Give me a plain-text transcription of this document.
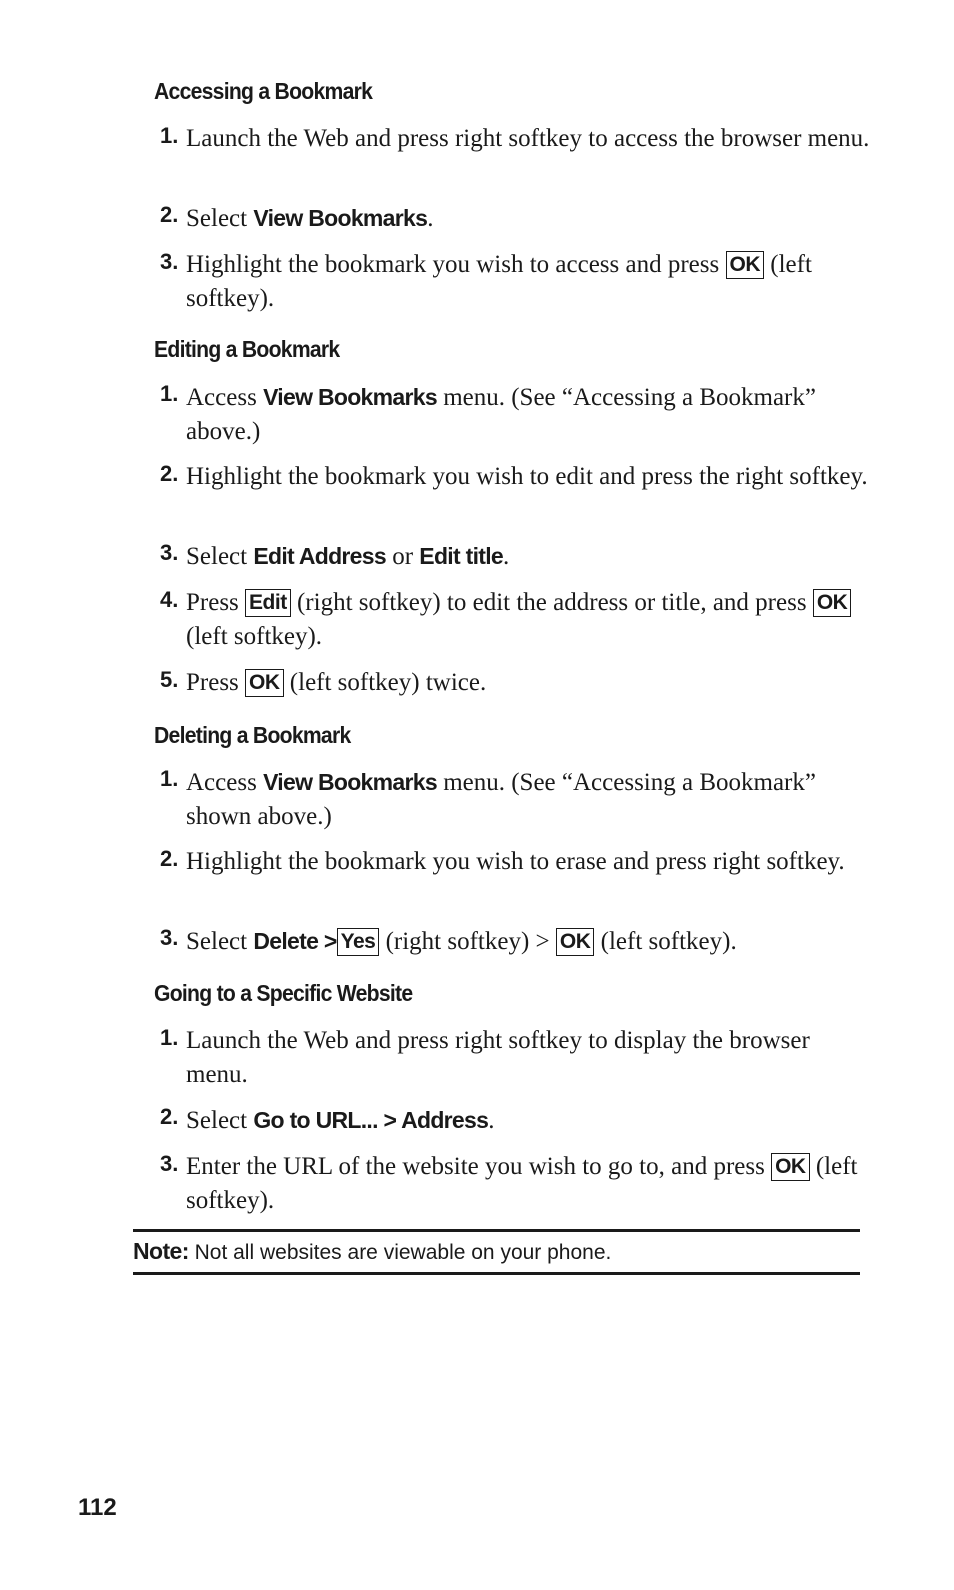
Accessing a Bookmark
1. Launch the Web and press right softkey to access the browser menu.
2. Select View Bookmarks.
3. Highlight the bookmark you wish to access and press OK (left softkey).
Editing a Bookmark
1. Access View Bookmarks menu. (See “Accessing a Bookmark” above.)
2. Highlight the bookmark you wish to edit and press the right softkey.
3. Select Edit Address or Edit title.
4. Press Edit (right softkey) to edit the address or title, and press OK (left softkey).
5. Press OK (left softkey) twice.
Deleting a Bookmark
1. Access View Bookmarks menu. (See “Accessing a Bookmark” shown above.)
2. Highlight the bookmark you wish to erase and press right softkey.
3. Select Delete > Yes (right softkey) > OK (left softkey).
Going to a Specific Website
1. Launch the Web and press right softkey to display the browser menu.
2. Select Go to URL... > Address.
3. Enter the URL of the website you wish to go to, and press OK (left softkey).
Note: Not all websites are viewable on your phone.
112
